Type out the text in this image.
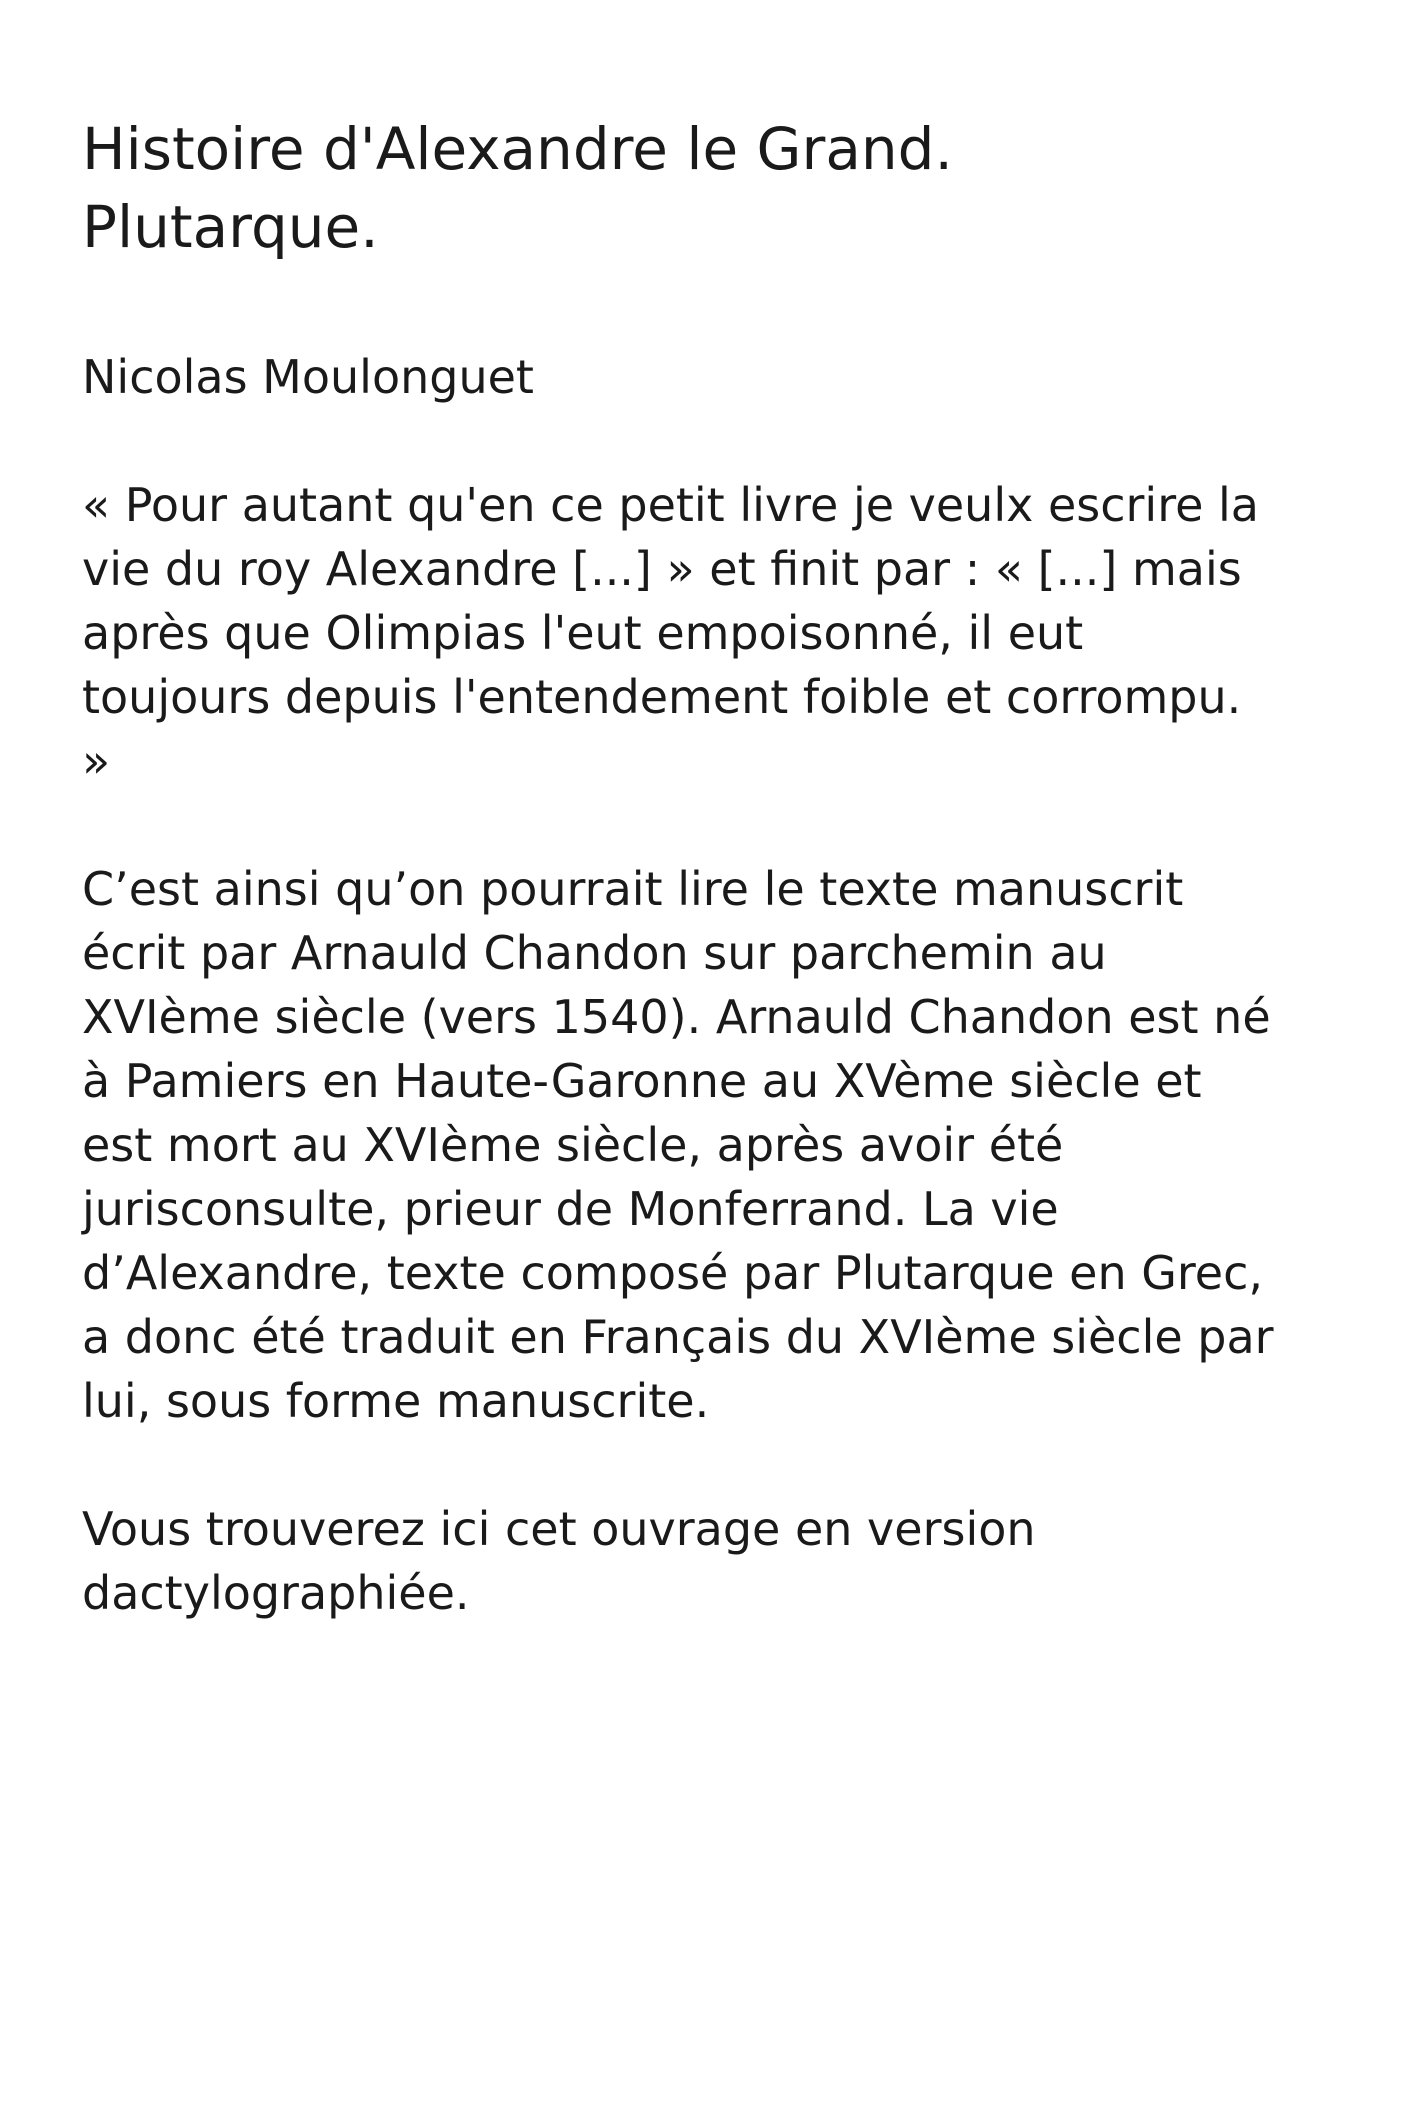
Histoire d'Alexandre le Grand.
Plutarque.

Nicolas Moulonguet

« Pour autant qu'en ce petit livre je veulx escrire la vie du roy Alexandre [...] » et finit par : « [...] mais après que Olimpias l'eut empoisonné, il eut toujours depuis l'entendement foible et corrompu. »

C’est ainsi qu’on pourrait lire le texte manuscrit écrit par Arnauld Chandon sur parchemin au XVIème siècle (vers 1540). Arnauld Chandon est né à Pamiers en Haute-Garonne au XVème siècle et est mort au XVIème siècle, après avoir été jurisconsulte, prieur de Monferrand. La vie d’Alexandre, texte composé par Plutarque en Grec, a donc été traduit en Français du XVIème siècle par lui, sous forme manuscrite.

Vous trouverez ici cet ouvrage en version dactylographiée.
